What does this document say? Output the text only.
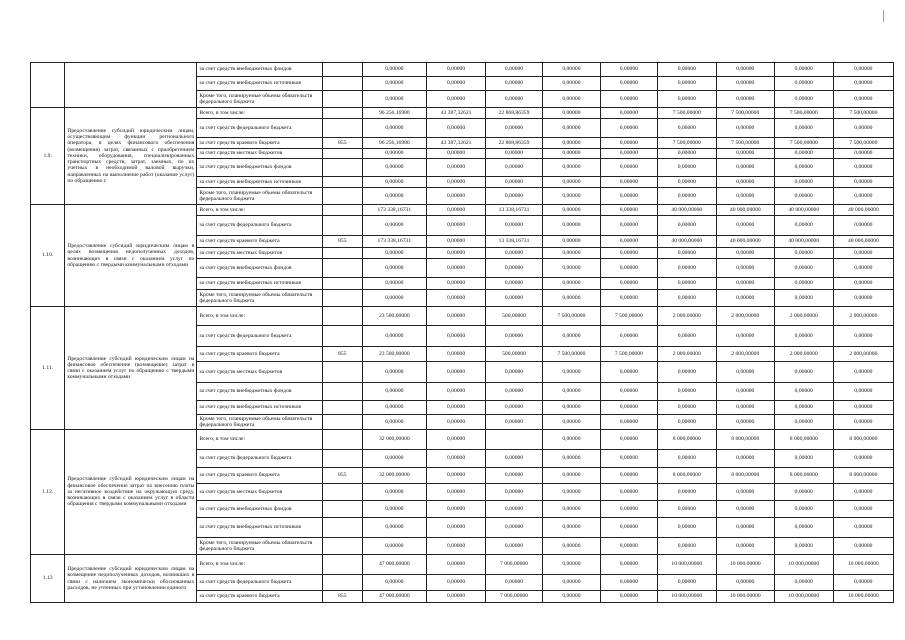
		за счет средств внебюджетных фондов		0,00000	0,00000	0,00000	0,00000	0,00000	0,00000	0,00000	0,00000	0,00000
		за счет средств внебюджетных источников		0,00000	0,00000	0,00000	0,00000	0,00000	0,00000	0,00000	0,00000	0,00000
		Кроме того, планируемые объемы обязательств федерального бюджета		0,00000	0,00000	0,00000	0,00000	0,00000	0,00000	0,00000	0,00000	0,00000
1.9.	Предоставление субсидий юридическим лицам, осуществляющим функции регионального оператора, в целях финансового обеспечения (возмещения) затрат, связанных с приобретением техники, оборудования, специализированных транспортных средств, затрат, заемных, по их учетных в необходимой валовой выручки, направленных на выполнение работ (оказание услуг) по обращению с	Всего, в том числе:		96 256,16980	43 387,32621	22 868,86359	0,00000	0,00000	7 500,00000	7 500,00000	7 500,00000	7 500,00000
		за счет средств федерального бюджета		0,00000	0,00000	0,00000	0,00000	0,00000	0,00000	0,00000	0,00000	0,00000
		за счет средств краевого бюджета	855	96 256,16980	43 387,32621	22 868,86359	0,00000	0,00000	7 500,00000	7 500,00000	7 500,00000	7 500,00000
		за счет средств местных бюджетов		0,00000	0,00000	0,00000	0,00000	0,00000	0,00000	0,00000	0,00000	0,00000
		за счет средств внебюджетных фондов		0,00000	0,00000	0,00000	0,00000	0,00000	0,00000	0,00000	0,00000	0,00000
		за счет средств внебюджетных источников		0,00000	0,00000	0,00000	0,00000	0,00000	0,00000	0,00000	0,00000	0,00000
		Кроме того, планируемые объемы обязательств федерального бюджета		0,00000	0,00000	0,00000	0,00000	0,00000	0,00000	0,00000	0,00000	0,00000
1.10.	Предоставление субсидий юридическим лицам в целях возмещения недополученных доходов, возникающих в связи с оказанием услуг по обращению с твердыми коммунальными отходами	Всего, в том числе:		173 338,16731	0,00000	13 338,16731	0,00000	0,00000	40 000,00000	40 000,00000	40 000,00000	40 000,00000
		за счет средств федерального бюджета		0,00000	0,00000	0,00000	0,00000	0,00000	0,00000	0,00000	0,00000	0,00000
		за счет средств краевого бюджета	855	173 338,16731	0,00000	13 338,16731	0,00000	0,00000	40 000,00000	40 000,00000	40 000,00000	40 000,00000
		за счет средств местных бюджетов		0,00000	0,00000	0,00000	0,00000	0,00000	0,00000	0,00000	0,00000	0,00000
		за счет средств внебюджетных фондов		0,00000	0,00000	0,00000	0,00000	0,00000	0,00000	0,00000	0,00000	0,00000
		за счет средств внебюджетных источников		0,00000	0,00000	0,00000	0,00000	0,00000	0,00000	0,00000	0,00000	0,00000
		Кроме того, планируемые объемы обязательств федерального бюджета		0,00000	0,00000	0,00000	0,00000	0,00000	0,00000	0,00000	0,00000	0,00000
1.11.	Предоставление субсидий юридическим лицам на финансовое обеспечение (возмещение) затрат в связи с оказанием услуг по обращению с твердыми коммунальными отходами	Всего, в том числе:		23 500,00000	0,00000	500,00000	7 500,00000	7 500,00000	2 000,00000	2 000,00000	2 000,00000	2 000,00000
		за счет средств федерального бюджета		0,00000	0,00000	0,00000	0,00000	0,00000	0,00000	0,00000	0,00000	0,00000
		за счет средств краевого бюджета	855	23 500,00000	0,00000	500,00000	7 500,00000	7 500,00000	2 000,00000	2 000,00000	2 000,00000	2 000,00000
		за счет средств местных бюджетов		0,00000	0,00000	0,00000	0,00000	0,00000	0,00000	0,00000	0,00000	0,00000
		за счет средств внебюджетных фондов		0,00000	0,00000	0,00000	0,00000	0,00000	0,00000	0,00000	0,00000	0,00000
		за счет средств внебюджетных источников		0,00000	0,00000	0,00000	0,00000	0,00000	0,00000	0,00000	0,00000	0,00000
		Кроме того, планируемые объемы обязательств федерального бюджета		0,00000	0,00000	0,00000	0,00000	0,00000	0,00000	0,00000	0,00000	0,00000
1.12.	Предоставление субсидий юридическим лицам на финансовое обеспечение затрат по внесению платы за негативное воздействие на окружающую среду, возникающих в связи с оказанием услуг в области обращения с твердыми коммунальными отходами	Всего, в том числе:		32 000,00000	0,00000		0,00000	0,00000	8 000,00000	8 000,00000	8 000,00000	8 000,00000
		за счет средств федерального бюджета		0,00000	0,00000	0,00000	0,00000	0,00000	0,00000	0,00000	0,00000	0,00000
		за счет средств краевого бюджета	855	32 000,00000	0,00000	0,00000	0,00000	0,00000	8 000,00000	8 000,00000	8 000,00000	8 000,00000
		за счет средств местных бюджетов		0,00000	0,00000	0,00000	0,00000	0,00000	0,00000	0,00000	0,00000	0,00000
		за счет средств внебюджетных фондов		0,00000	0,00000	0,00000	0,00000	0,00000	0,00000	0,00000	0,00000	0,00000
		за счет средств внебюджетных источников		0,00000	0,00000	0,00000	0,00000	0,00000	0,00000	0,00000	0,00000	0,00000
		Кроме того, планируемые объемы обязательств федерального бюджета		0,00000	0,00000	0,00000	0,00000	0,00000	0,00000	0,00000	0,00000	0,00000
1.13	Предоставление субсидий юридическим лицам на возмещение недополученных доходов, возникших в связи с наличием экономически обоснованных расходов, не учтенных при установлении единого	Всего, в том числе:		47 000,00000	0,00000	7 000,00000	0,00000	0,00000	10 000,00000	10 000,00000	10 000,00000	10 000,00000
		за счет средств федерального бюджета		0,00000	0,00000	0,00000	0,00000	0,00000	0,00000	0,00000	0,00000	0,00000
		за счет средств краевого бюджета	855	47 000,00000	0,00000	7 000,00000	0,00000	0,00000	10 000,00000	10 000,00000	10 000,00000	10 000,00000
